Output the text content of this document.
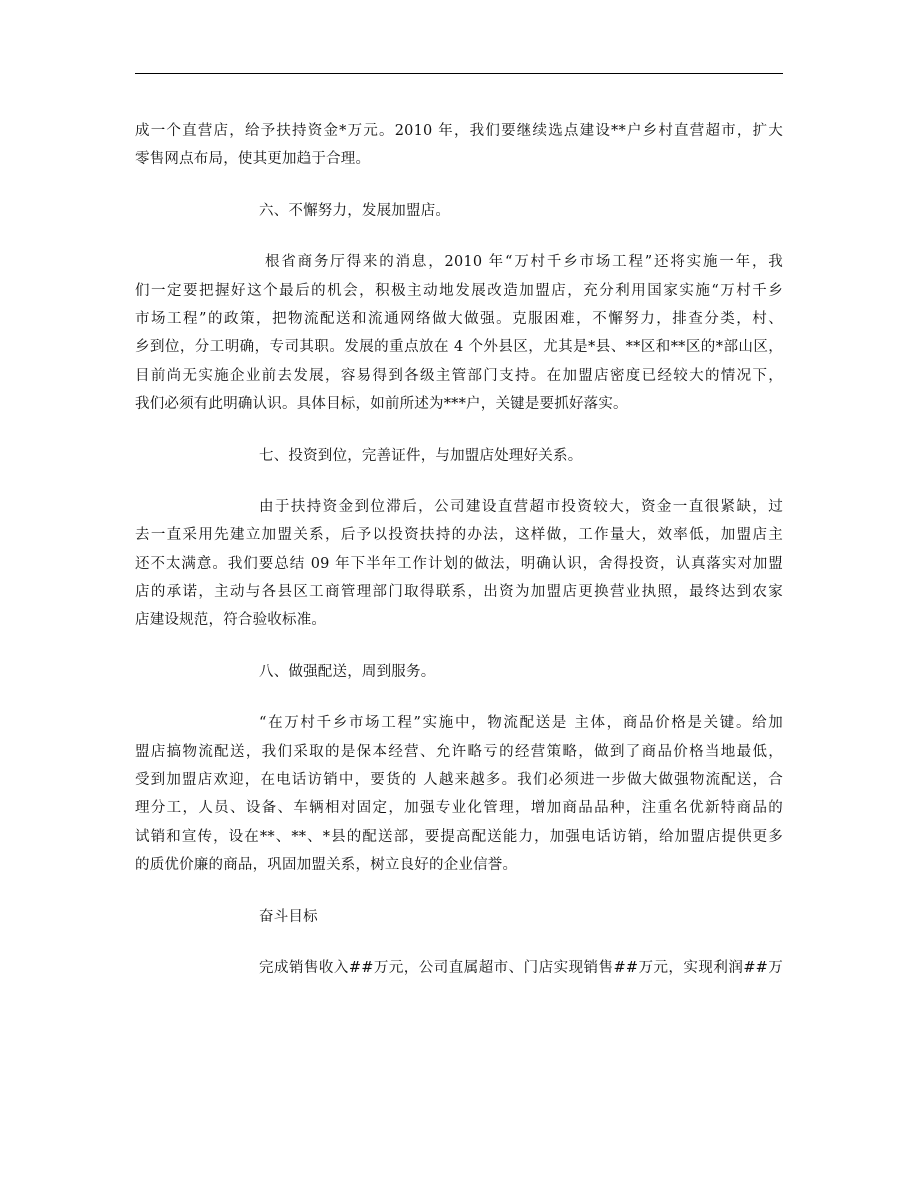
成一个直营店，给予扶持资金*万元。2010 年，我们要继续选点建设**户乡村直营超市，扩大
零售网点布局，使其更加趋于合理。
六、不懈努力，发展加盟店。
根省商务厅得来的消息，2010 年“万村千乡市场工程”还将实施一年，我
们一定要把握好这个最后的机会，积极主动地发展改造加盟店，充分利用国家实施“万村千乡
市场工程”的政策，把物流配送和流通网络做大做强。克服困难，不懈努力，排查分类，村、
乡到位，分工明确，专司其职。发展的重点放在 4 个外县区，尤其是*县、**区和**区的*部山区，
目前尚无实施企业前去发展，容易得到各级主管部门支持。在加盟店密度已经较大的情况下，
我们必须有此明确认识。具体目标，如前所述为***户，关键是要抓好落实。
七、投资到位，完善证件，与加盟店处理好关系。
由于扶持资金到位滞后，公司建设直营超市投资较大，资金一直很紧缺，过
去一直采用先建立加盟关系，后予以投资扶持的办法，这样做，工作量大，效率低，加盟店主
还不太满意。我们要总结 09 年下半年工作计划的做法，明确认识，舍得投资，认真落实对加盟
店的承诺，主动与各县区工商管理部门取得联系，出资为加盟店更换营业执照，最终达到农家
店建设规范，符合验收标准。
八、做强配送，周到服务。
“在万村千乡市场工程”实施中，物流配送是 主体，商品价格是关键。给加
盟店搞物流配送，我们采取的是保本经营、允许略亏的经营策略，做到了商品价格当地最低，
受到加盟店欢迎，在电话访销中，要货的 人越来越多。我们必须进一步做大做强物流配送，合
理分工，人员、设备、车辆相对固定，加强专业化管理，增加商品品种，注重名优新特商品的
试销和宣传，设在**、**、*县的配送部，要提高配送能力，加强电话访销，给加盟店提供更多
的质优价廉的商品，巩固加盟关系，树立良好的企业信誉。
奋斗目标
完成销售收入##万元，公司直属超市、门店实现销售##万元，实现利润##万
